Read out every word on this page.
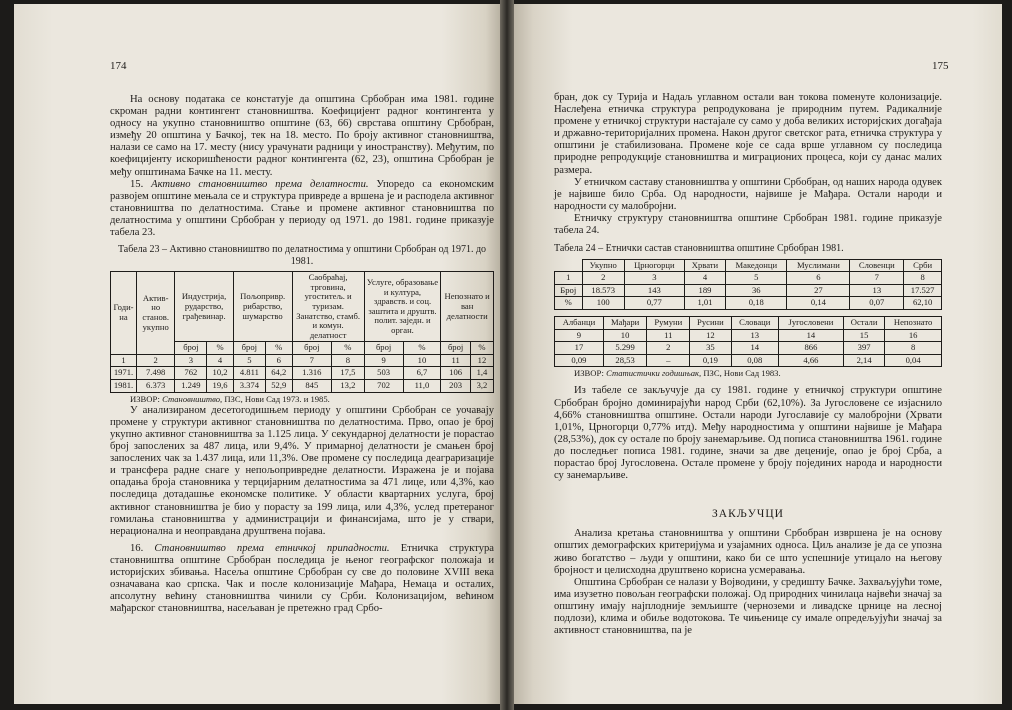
174

На основу података се констатује да општина Србобран има 1981. године скроман радни контингент становништва. Коефицијент радног контингента у односу на укупно становништво општине (63, 66) сврстава општину Србобран, између 20 општина у Бачкој, тек на 18. место. По броју активног становништва, налази се само на 17. месту (нису урачунати радници у иностранству). Међутим, по коефицијенту искоришћености радног контингента (62, 23), општина Србобран је међу општинама Бачке на 11. месту.

15. Активно становништво према делатности. Упоредо са економским развојем општине мењала се и структура привреде а вршена је и расподела активног становништва по делатностима. Стање и промене активног становништва по делатностима у општини Србобран у периоду од 1971. до 1981. године приказује табела 23.

Табела 23 – Активно становништво по делатностима у општини Србобран од 1971. до 1981.
Годи-на	Актив-но станов. укупно	Индустрија, рударство, грађевинар.		Пољопривр. рибарство, шумарство		Саобраћај, трговина, угоститељ. и туризам. Занатство, стамб. и комун. делатност		Услуге, образовање и култура, здравств. и соц. заштита и друштв. полит. заједн. и орган.		Непознато и ван делатности	
		број	%	број	%	број	%	број	%	број	%
1	2	3	4	5	6	7	8	9	10	11	12
1971.	7.498	762	10,2	4.811	64,2	1.316	17,5	503	6,7	106	1,4
1981.	6.373	1.249	19,6	3.374	52,9	845	13,2	702	11,0	203	3,2

ИЗВОР: Становништво, ПЗС, Нови Сад 1973. и 1985.

У анализираном десетогодишњем периоду у општини Србобран се уочавају промене у структури активног становништва по делатностима. Прво, опао је број укупно активног становништва за 1.125 лица. У секундарној делатности је порастао број запослених за 487 лица, или 9,4%. У примарној делатности је смањен број запослених чак за 1.437 лица, или 11,3%. Ове промене су последица деаграризације и трансфера радне снаге у непољопривредне делатности. Изражена је и појава опадања броја становника у терцијарним делатностима за 471 лице, или 4,3%, као последица дотадашње економске политике. У области квартарних услуга, број активног становништва је био у порасту за 199 лица, или 4,3%, услед претераног гомилања становништва у администрацији и финансијама, што је у ствари, нерационална и неоправдана друштвена појава.

16. Становништво према етничкој припадности. Етничка структура становништва општине Србобран последица је њеног географског положаја и историјских збивања. Насеља општине Србобран су све до половине XVIII века означавана као српска. Чак и после колонизације Мађара, Немаца и осталих, апсолутну већину становништва чинили су Срби. Колонизацијом, већином мађарског становништва, насељаван је претежно град Србо-

175

бран, док су Турија и Надаљ углавном остали ван токова поменуте колонизације. Наслеђена етничка структура репродукована је природним путем. Радикалније промене у етничкој структури настајале су само у доба великих историјских догађаја и државно-територијалних промена. Након другог светског рата, етничка структура у општини је стабилизована. Промене које се сада врше углавном су последица природне репродукције становништва и миграционих процеса, који су данас малих размера.

У етничком саставу становништва у општини Србобран, од наших народа одувек је највише било Срба. Од народности, највише је Мађара. Остали народи и народности су малобројни.

Етничку структуру становништва општине Србобран 1981. године приказује табела 24.

Табела 24 – Етнички састав становништва општине Србобран 1981.
	Укупно	Црногорци	Хрвати	Македонци	Муслимани	Словенци	Срби
1	2	3	4	5	6	7	8
Број	18.573	143	189	36	27	13	17.527
%	100	0,77	1,01	0,18	0,14	0,07	62,10
Албанци	Мађари	Румуни	Русини	Словаци	Југословени	Остали	Непознато
9	10	11	12	13	14	15	16
17	5.299	2	35	14	866	397	8
0,09	28,53	–	0,19	0,08	4,66	2,14	0,04

ИЗВОР: Статистички годишњак, ПЗС, Нови Сад 1983.

Из табеле се закључује да су 1981. године у етничкој структури општине Србобран бројно доминирајући народ Срби (62,10%). За Југословене се изјаснило 4,66% становништва општине. Остали народи Југославије су малобројни (Хрвати 1,01%, Црногорци 0,77% итд). Међу народностима у општини највише је Мађара (28,53%), док су остале по броју занемарљиве. Од пописа становништва 1961. године до последњег пописа 1981. године, значи за две деценије, опао је број Срба, а порастао број Југословена. Остале промене у броју појединих народа и народности су занемарљиве.

ЗАКЉУЧЦИ

Анализа кретања становништва у општини Србобран извршена је на основу општих демографских критеријума и узајамних односа. Циљ анализе је да се упозна живо богатство – људи у општини, како би се што успешније утицало на његову бројност и целисходна друштвено корисна усмеравања.

Општина Србобран се налази у Војводини, у средишту Бачке. Захваљујући томе, има изузетно повољан географски положај. Од природних чинилаца највећи значај за општину имају најплодније земљиште (черноземи и ливадске црнице на лесној подлози), клима и обиље водотокова. Те чињенице су имале опредељујући значај за активност становништва, па је
